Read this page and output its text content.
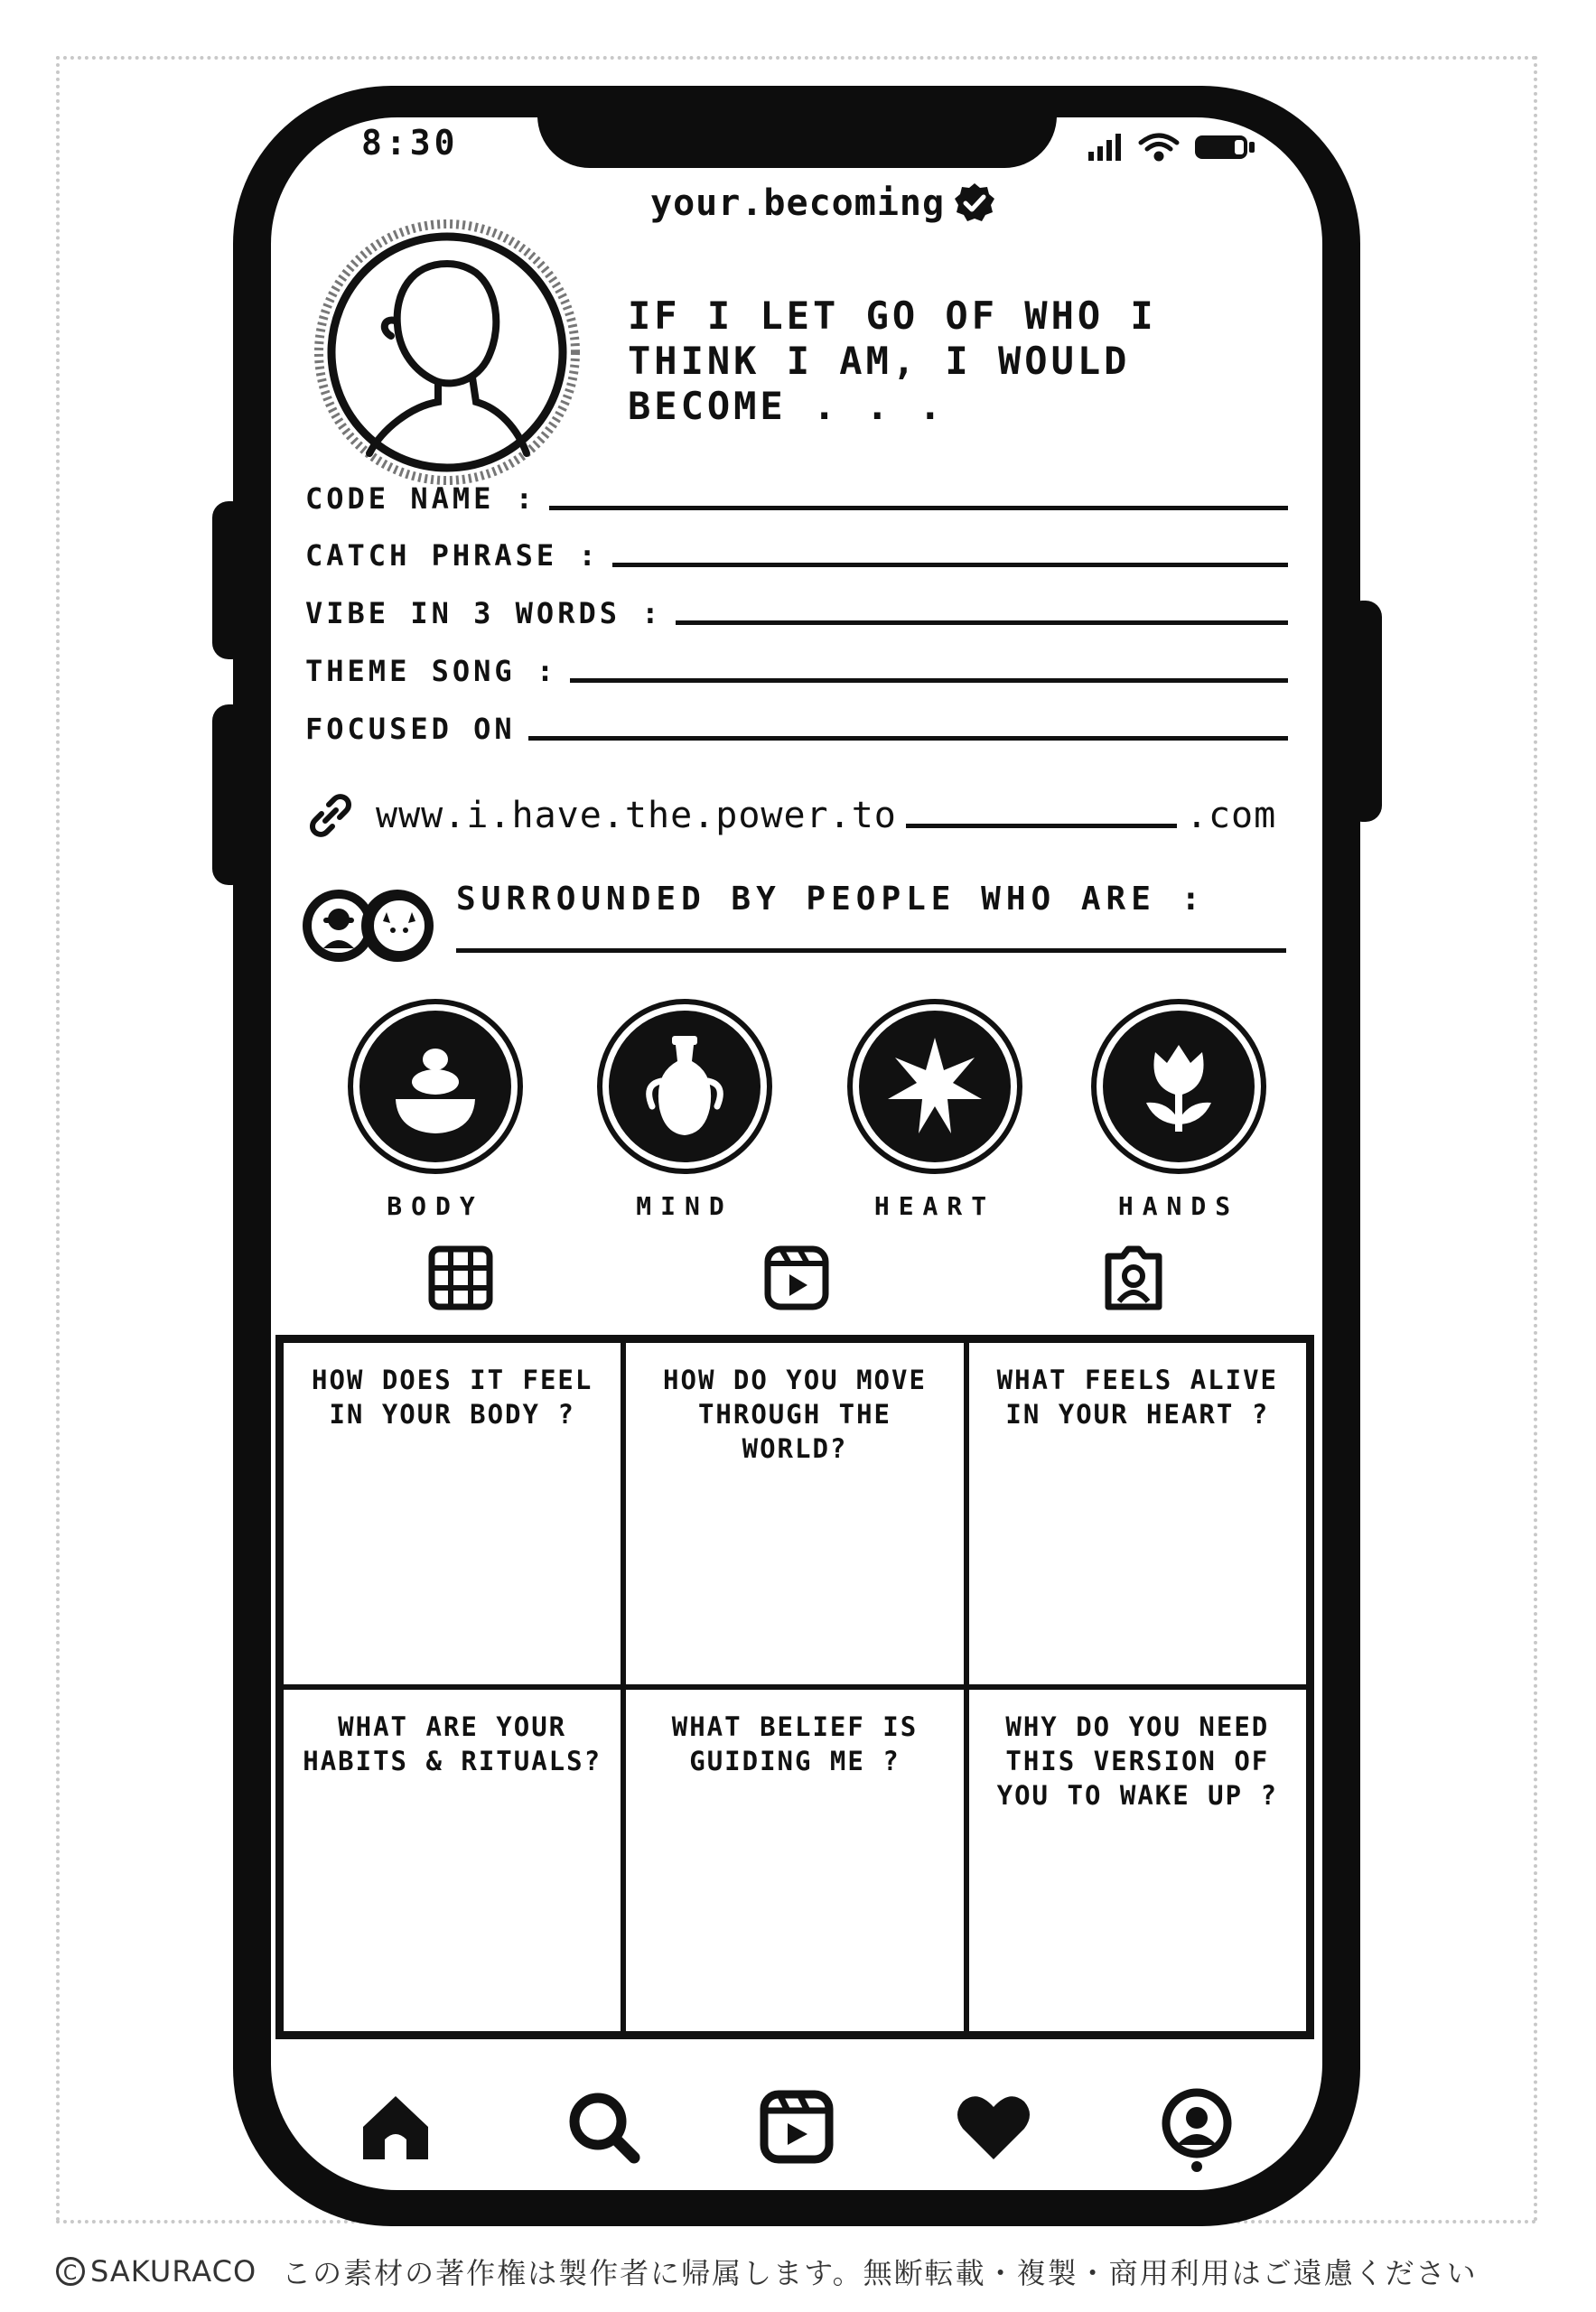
8:30
your.becoming
IF I LET GO OF WHO I THINK I AM, I WOULD BECOME . . .
CODE NAME :
CATCH PHRASE :
VIBE IN 3 WORDS :
THEME SONG :
FOCUSED ON
www.i.have.the.power.to	.com
SURROUNDED BY PEOPLE WHO ARE :
BODY	MIND	HEART	HANDS
HOW DOES IT FEEL IN YOUR BODY ?
HOW DO YOU MOVE THROUGH THE WORLD?
WHAT FEELS ALIVE IN YOUR HEART ?
WHAT ARE YOUR HABITS & RITUALS?
WHAT BELIEF IS GUIDING ME ?
WHY DO YOU NEED THIS VERSION OF YOU TO WAKE UP ?
C SAKURACO この素材の著作権は製作者に帰属します。無断転載・複製・商用利用はご遠慮ください
